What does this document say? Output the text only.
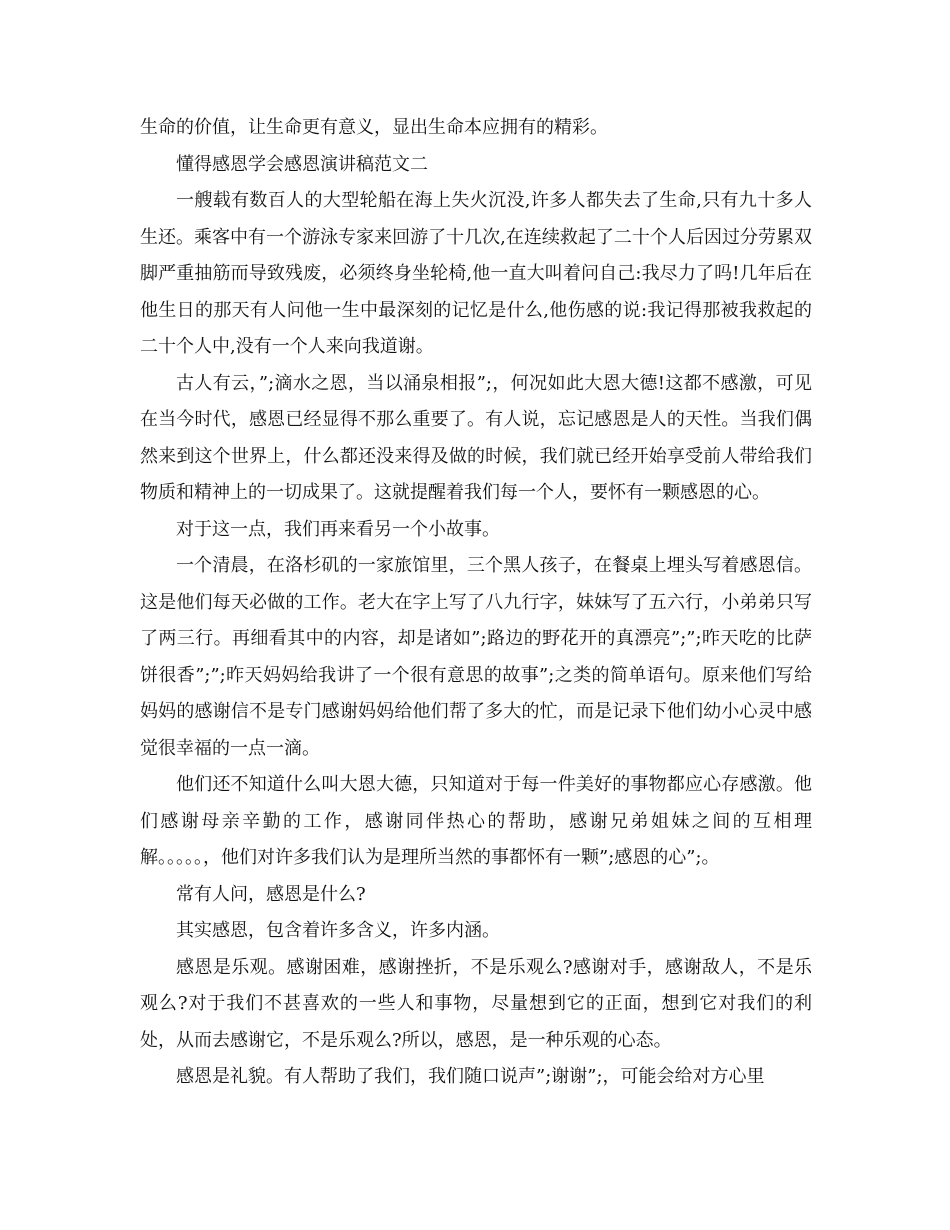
生命的价值，让生命更有意义，显出生命本应拥有的精彩。

懂得感恩学会感恩演讲稿范文二

一艘载有数百人的大型轮船在海上失火沉没,许多人都失去了生命,只有九十多人生还。乘客中有一个游泳专家来回游了十几次,在连续救起了二十个人后因过分劳累双脚严重抽筋而导致残废，必须终身坐轮椅,他一直大叫着问自己:我尽力了吗!几年后在他生日的那天有人问他一生中最深刻的记忆是什么,他伤感的说:我记得那被我救起的二十个人中,没有一个人来向我道谢。

古人有云，”;滴水之恩，当以涌泉相报”;，何况如此大恩大德!这都不感激，可见在当今时代，感恩已经显得不那么重要了。有人说，忘记感恩是人的天性。当我们偶然来到这个世界上，什么都还没来得及做的时候，我们就已经开始享受前人带给我们物质和精神上的一切成果了。这就提醒着我们每一个人，要怀有一颗感恩的心。

对于这一点，我们再来看另一个小故事。

一个清晨，在洛杉矶的一家旅馆里，三个黑人孩子，在餐桌上埋头写着感恩信。这是他们每天必做的工作。老大在字上写了八九行字，妹妹写了五六行，小弟弟只写了两三行。再细看其中的内容，却是诸如”;路边的野花开的真漂亮”;”;昨天吃的比萨饼很香”;”;昨天妈妈给我讲了一个很有意思的故事”;之类的简单语句。原来他们写给妈妈的感谢信不是专门感谢妈妈给他们帮了多大的忙，而是记录下他们幼小心灵中感觉很幸福的一点一滴。

他们还不知道什么叫大恩大德，只知道对于每一件美好的事物都应心存感激。他们感谢母亲辛勤的工作，感谢同伴热心的帮助，感谢兄弟姐妹之间的互相理解。。。。。，他们对许多我们认为是理所当然的事都怀有一颗”;感恩的心”;。

常有人问，感恩是什么?

其实感恩，包含着许多含义，许多内涵。

感恩是乐观。感谢困难，感谢挫折，不是乐观么?感谢对手，感谢敌人，不是乐观么?对于我们不甚喜欢的一些人和事物，尽量想到它的正面，想到它对我们的利处，从而去感谢它，不是乐观么?所以，感恩，是一种乐观的心态。

感恩是礼貌。有人帮助了我们，我们随口说声”;谢谢”;，可能会给对方心里
